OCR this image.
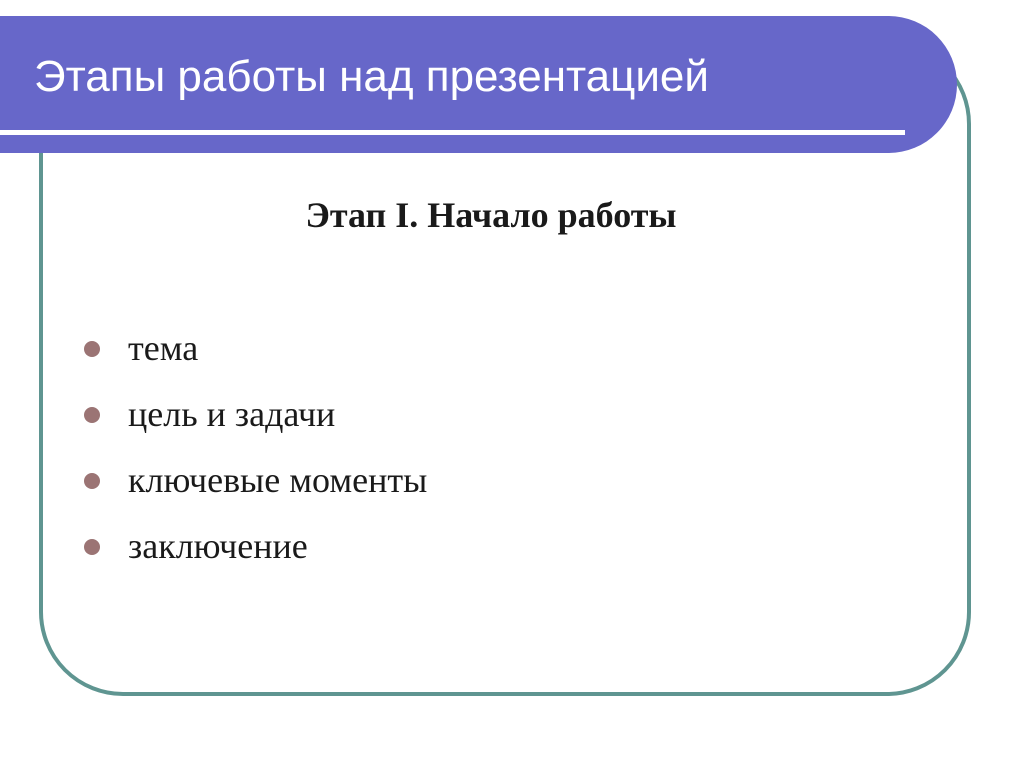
Этапы работы над презентацией
Этап I. Начало работы
тема
цель и задачи
ключевые моменты
заключение
